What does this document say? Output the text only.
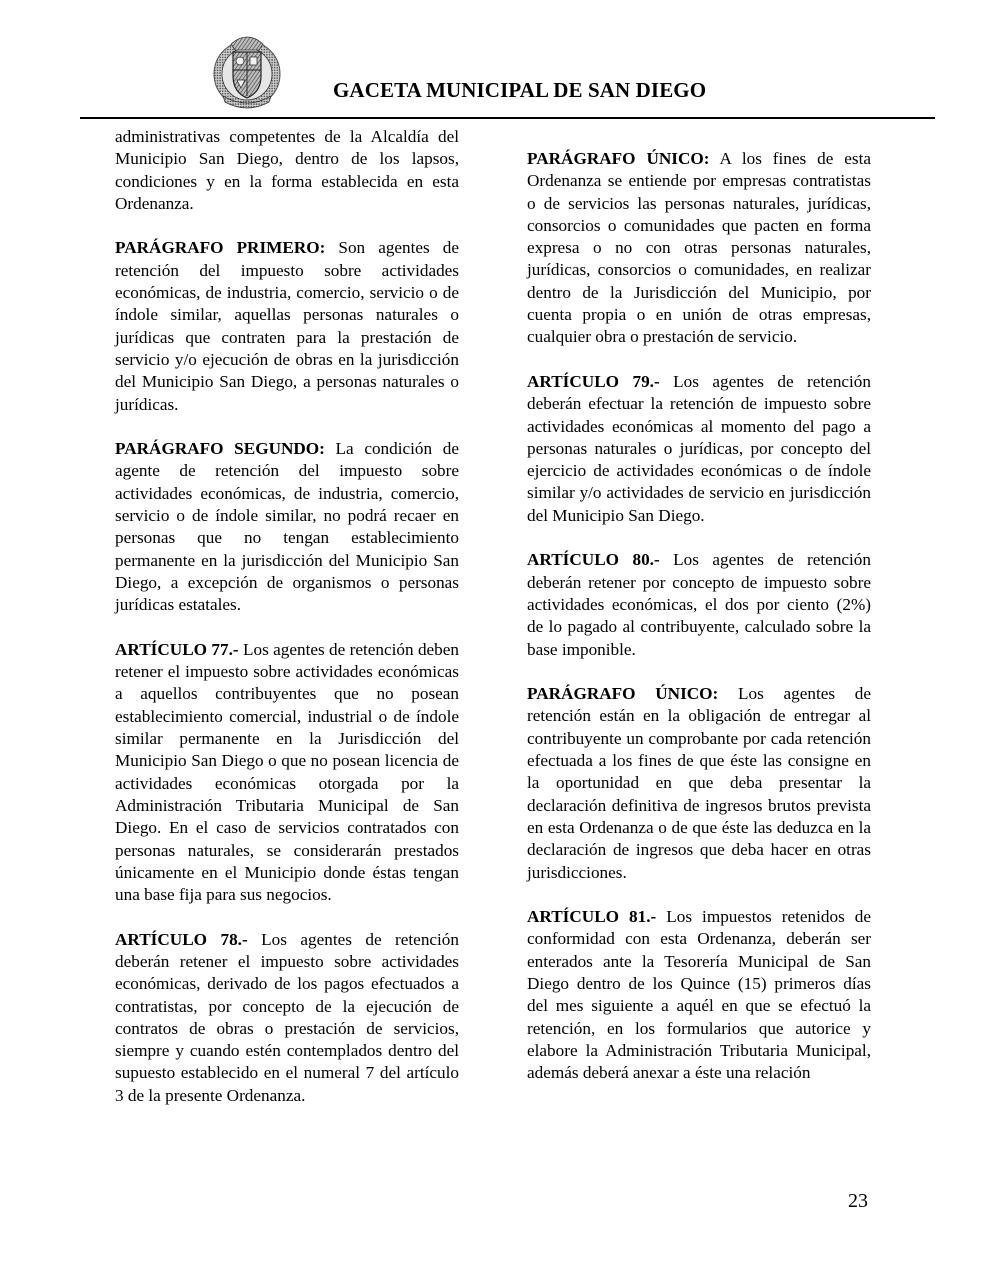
GACETA MUNICIPAL DE SAN DIEGO

administrativas competentes de la Alcaldía del Municipio San Diego, dentro de los lapsos, condiciones y en la forma establecida en esta Ordenanza.

PARÁGRAFO PRIMERO: Son agentes de retención del impuesto sobre actividades económicas, de industria, comercio, servicio o de índole similar, aquellas personas naturales o jurídicas que contraten para la prestación de servicio y/o ejecución de obras en la jurisdicción del Municipio San Diego, a personas naturales o jurídicas.

PARÁGRAFO SEGUNDO: La condición de agente de retención del impuesto sobre actividades económicas, de industria, comercio, servicio o de índole similar, no podrá recaer en personas que no tengan establecimiento permanente en la jurisdicción del Municipio San Diego, a excepción de organismos o personas jurídicas estatales.

ARTÍCULO 77.- Los agentes de retención deben retener el impuesto sobre actividades económicas a aquellos contribuyentes que no posean establecimiento comercial, industrial o de índole similar permanente en la Jurisdicción del Municipio San Diego o que no posean licencia de actividades económicas otorgada por la Administración Tributaria Municipal de San Diego. En el caso de servicios contratados con personas naturales, se considerarán prestados únicamente en el Municipio donde éstas tengan una base fija para sus negocios.

ARTÍCULO 78.- Los agentes de retención deberán retener el impuesto sobre actividades económicas, derivado de los pagos efectuados a contratistas, por concepto de la ejecución de contratos de obras o prestación de servicios, siempre y cuando estén contemplados dentro del supuesto establecido en el numeral 7 del artículo 3 de la presente Ordenanza.

PARÁGRAFO ÚNICO: A los fines de esta Ordenanza se entiende por empresas contratistas o de servicios las personas naturales, jurídicas, consorcios o comunidades que pacten en forma expresa o no con otras personas naturales, jurídicas, consorcios o comunidades, en realizar dentro de la Jurisdicción del Municipio, por cuenta propia o en unión de otras empresas, cualquier obra o prestación de servicio.

ARTÍCULO 79.- Los agentes de retención deberán efectuar la retención de impuesto sobre actividades económicas al momento del pago a personas naturales o jurídicas, por concepto del ejercicio de actividades económicas o de índole similar y/o actividades de servicio en jurisdicción del Municipio San Diego.

ARTÍCULO 80.- Los agentes de retención deberán retener por concepto de impuesto sobre actividades económicas, el dos por ciento (2%) de lo pagado al contribuyente, calculado sobre la base imponible.

PARÁGRAFO ÚNICO: Los agentes de retención están en la obligación de entregar al contribuyente un comprobante por cada retención efectuada a los fines de que éste las consigne en la oportunidad en que deba presentar la declaración definitiva de ingresos brutos prevista en esta Ordenanza o de que éste las deduzca en la declaración de ingresos que deba hacer en otras jurisdicciones.

ARTÍCULO 81.- Los impuestos retenidos de conformidad con esta Ordenanza, deberán ser enterados ante la Tesorería Municipal de San Diego dentro de los Quince (15) primeros días del mes siguiente a aquél en que se efectuó la retención, en los formularios que autorice y elabore la Administración Tributaria Municipal, además deberá anexar a éste una relación

23
